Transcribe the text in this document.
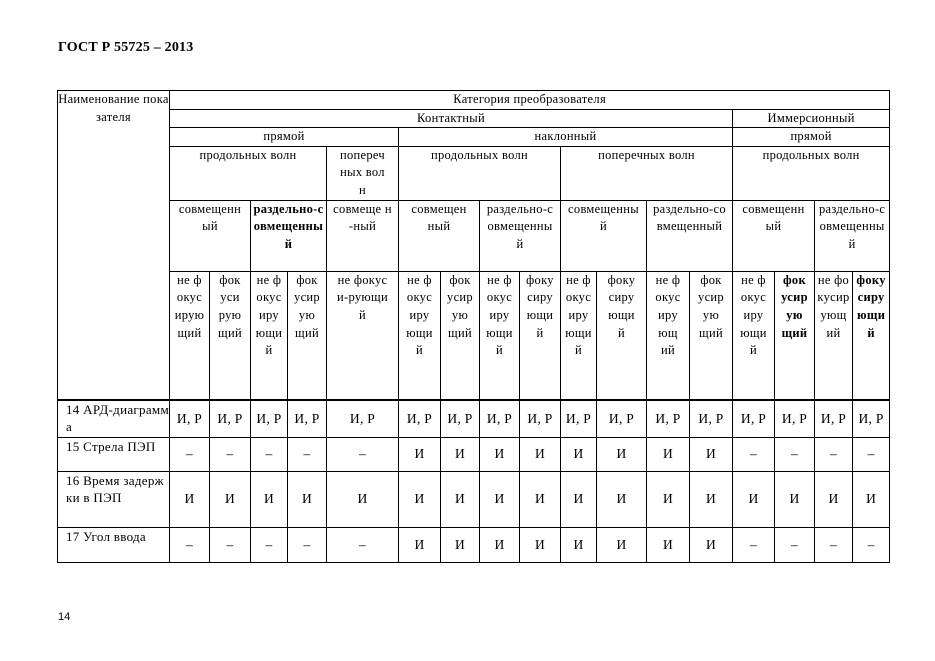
ГОСТ Р 55725 – 2013
Наименование показателя	Категория преобразователя																
	Контактный													Иммерсионный			
	прямой					наклонный								прямой			
	продольных волн				поперечных волн	продольных волн				поперечных волн				продольных волн			
	совмещенный		раздельно-совмещенный		совмеще н-ный	совмещенный		раздельно-совмещенный		совмещенный		раздельно-совмещенный		совмещенный		раздельно-совмещенный	
	не фокусирующий	фокусирующий	не фокусирующий	фокусирующий	не фокуси-рующий	не фокусирующий	фокусирующий	не фокусирующий	фокусирующий	не фокусирующий	фокусирующий	не фокусирующий	фокусирующий	не фокусирующий	фокусирующий	не фокусирующий	фокусирующий
14 АРД-диаграмма	И, Р	И, Р	И, Р	И, Р	И, Р	И, Р	И, Р	И, Р	И, Р	И, Р	И, Р	И, Р	И, Р	И, Р	И, Р	И, Р	И, Р
15 Стрела ПЭП	–	–	–	–	–	И	И	И	И	И	И	И	И	–	–	–	–
16 Время задержки в ПЭП	И	И	И	И	И	И	И	И	И	И	И	И	И	И	И	И	И
17 Угол ввода	–	–	–	–	–	И	И	И	И	И	И	И	И	–	–	–	–
14
